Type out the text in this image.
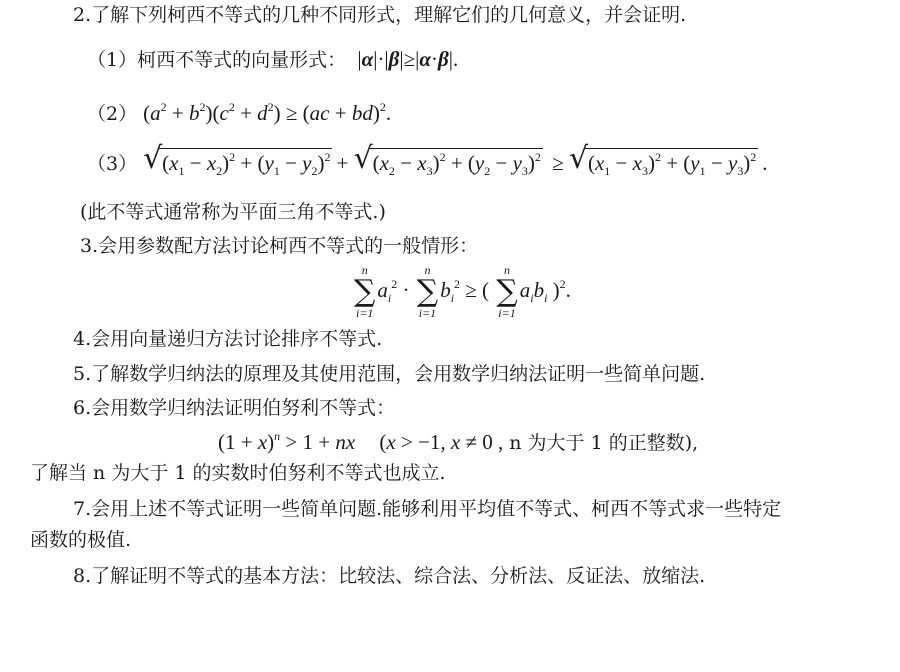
2.了解下列柯西不等式的几种不同形式，理解它们的几何意义，并会证明.
（1）柯西不等式的向量形式：  |α|·|β|≥|α·β|.
（2） $(a^2 + b^2)(c^2 + d^2) \ge (ac + bd)^2$.
（3） √ $(x_1 - x_2)^2 + (y_1 - y_2)^2$ + √ $(x_2 - x_3)^2 + (y_2 - y_3)^2$ ≥ √ $(x_1 - x_3)^2 + (y_1 - y_3)^2$ .
(此不等式通常称为平面三角不等式.)
3.会用参数配方法讨论柯西不等式的一般情形：
n
∑
i=1
$a_i^2$ ·
n
∑
i=1
$b_i^2$ ≥ (
n
∑
i=1
$a_ib_i$ )$^2$.
4.会用向量递归方法讨论排序不等式.
5.了解数学归纳法的原理及其使用范围，会用数学归纳法证明一些简单问题.
6.会用数学归纳法证明伯努利不等式：
$(1 + x)^n > 1$ + nx (x > −1, x ≠ 0 , n 为大于 1 的正整数),
了解当 n 为大于 1 的实数时伯努利不等式也成立.
7.会用上述不等式证明一些简单问题.能够利用平均值不等式、柯西不等式求一些特定
函数的极值.
8.了解证明不等式的基本方法：比较法、综合法、分析法、反证法、放缩法.
